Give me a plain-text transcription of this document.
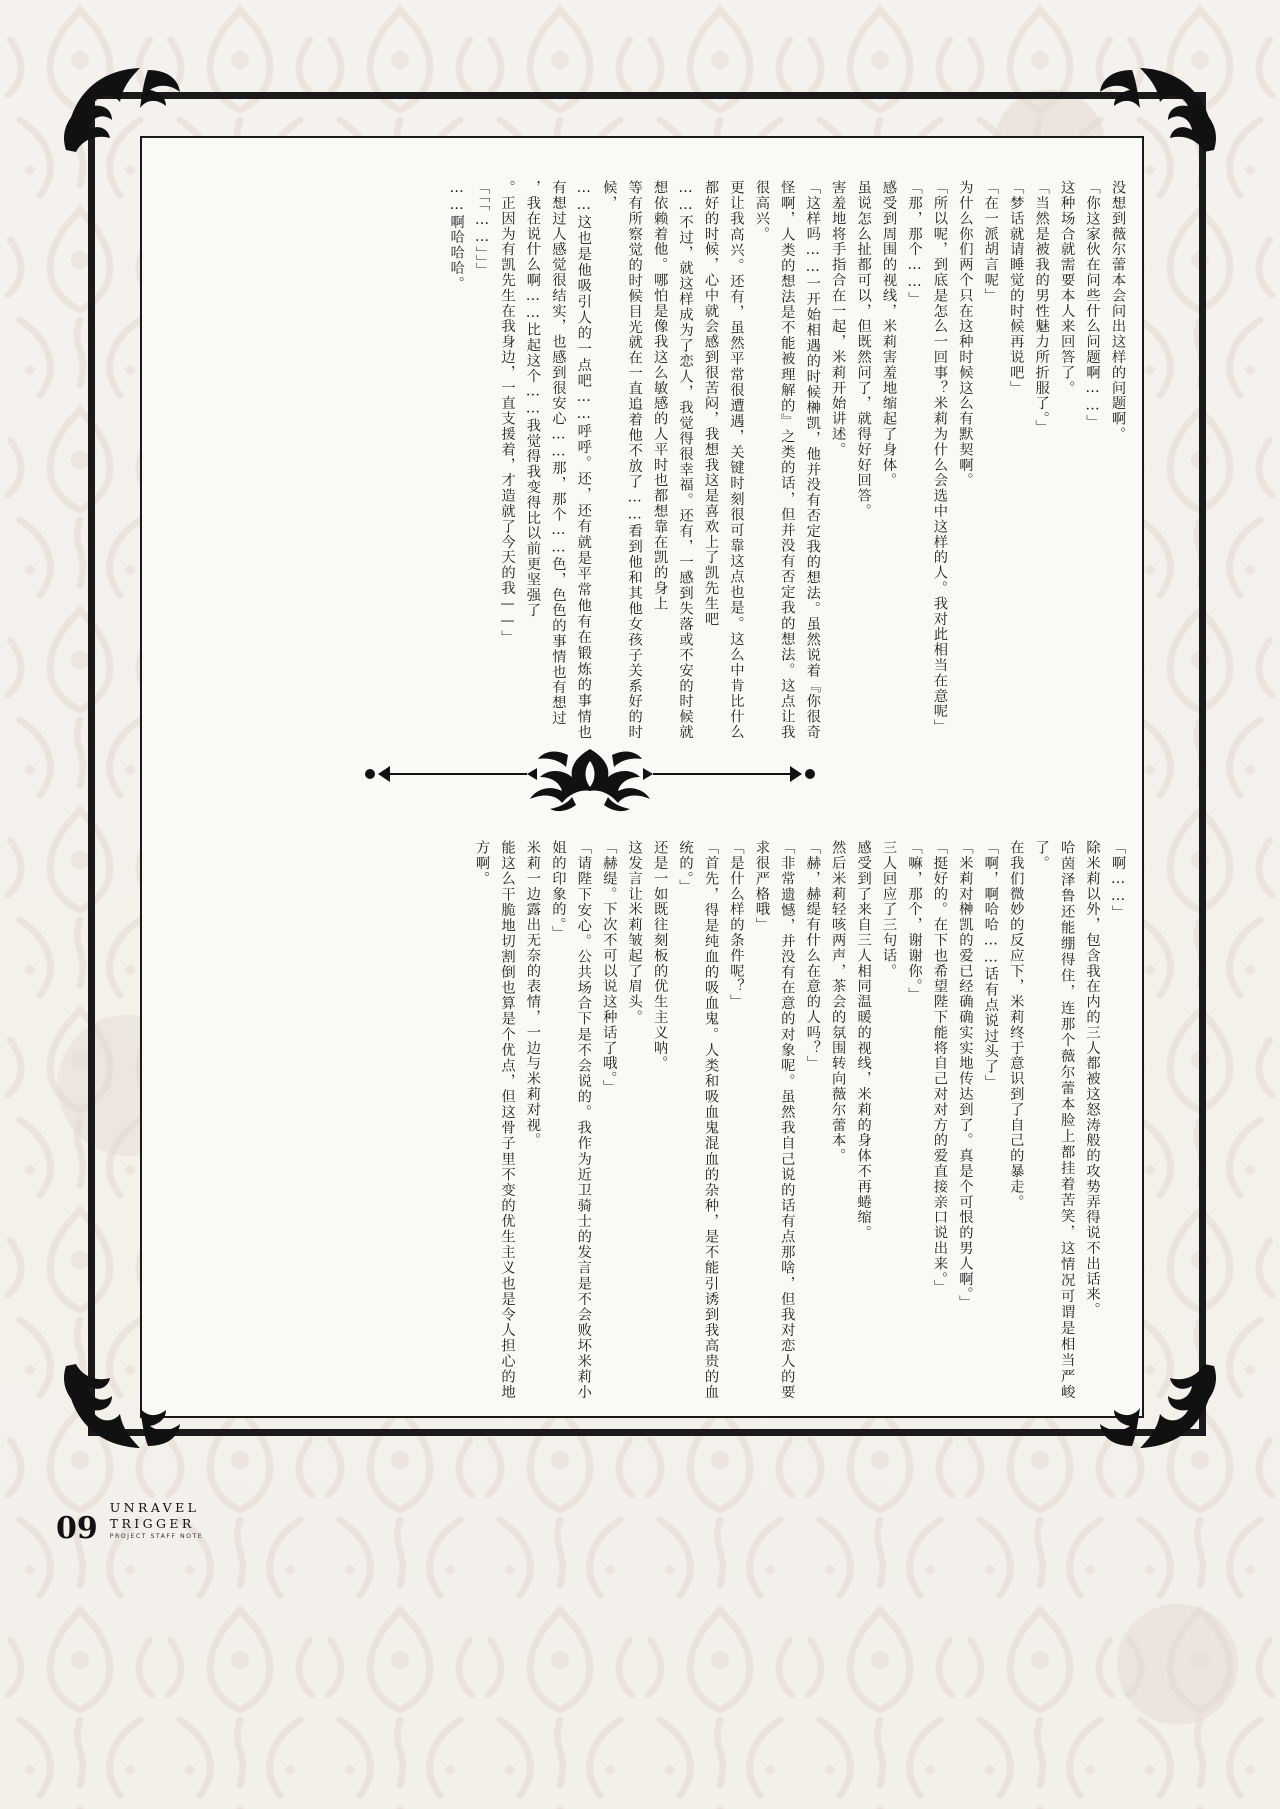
没想到薇尔蕾本会问出这样的问题啊。

「你这家伙在问些什么问题啊……」

这种场合就需要本人来回答了。

「当然是被我的男性魅力所折服了。」

「梦话就请睡觉的时候再说吧」

「在一派胡言呢」

为什么你们两个只在这种时候这么有默契啊。

「所以呢，到底是怎么一回事？米莉为什么会选中这样的人。我对此相当在意呢」

「那，那个……」

感受到周围的视线，米莉害羞地缩起了身体。

虽说怎么扯都可以，但既然问了，就得好好回答。

害羞地将手指合在一起，米莉开始讲述。

「这样吗……一开始相遇的时候榊凯，他并没有否定我的想法。虽然说着『你很奇怪啊，人类的想法是不能被理解的』之类的话，但并没有否定我的想法。这点让我很高兴。

更让我高兴。还有，虽然平常很遭遇，关键时刻很可靠这点也是。这么中肯比什么都好的时候，心中就会感到很苦闷，我想我这是喜欢上了凯先生吧

……不过，就这样成为了恋人，我觉得很幸福。还有，一感到失落或不安的时候就想依赖着他。哪怕是像我这么敏感的人平时也都想靠在凯的身上

等有所察觉的时候目光就在一直追着他不放了……看到他和其他女孩子关系好的时候，

……这也是他吸引人的一点吧……呼呼。还，还有就是平常他有在锻炼的事情也有想过人感觉很结实，也感到很安心……那，那个……色，色色的事情也有想过

，我在说什么啊……比起这个……我觉得我变得比以前更坚强了

。正因为有凯先生在我身边，一直支援着，才造就了今天的我——」

「「「……」」」

……啊哈哈哈。

「啊……」

除米莉以外，包含我在内的三人都被这怒涛般的攻势弄得说不出话来。

哈茵泽鲁还能绷得住，连那个薇尔蕾本脸上都挂着苦笑，这情况可谓是相当严峻了。

在我们微妙的反应下，米莉终于意识到了自己的暴走。

「啊，啊哈哈……话有点说过头了」

「米莉对榊凯的爱已经确确实实地传达到了。真是个可恨的男人啊。」

「挺好的。在下也希望陛下能将自己对对方的爱直接亲口说出来。」

「嘛，那个，谢谢你。」

三人回应了三句话。

感受到了来自三人相同温暖的视线，米莉的身体不再蜷缩。

然后米莉轻咳两声，茶会的氛围转向薇尔蕾本。

「赫，赫缇有什么在意的人吗？」

「非常遗憾，并没有在意的对象呢。虽然我自己说的话有点那啥，但我对恋人的要求很严格哦」

「是什么样的条件呢？」

「首先，得是纯血的吸血鬼。人类和吸血鬼混血的杂种，是不能引诱到我高贵的血统的。」

还是一如既往刻板的优生主义呐。

这发言让米莉皱起了眉头。

「赫缇。下次不可以说这种话了哦。」

「请陛下安心。公共场合下是不会说的。我作为近卫骑士的发言是不会败坏米莉小姐的印象的。」

米莉一边露出无奈的表情，一边与米莉对视。

能这么干脆地切割倒也算是个优点，但这骨子里不变的优生主义也是令人担心的地方啊。

09
UNRAVEL
TRIGGER
PROJECT STAFF NOTE
